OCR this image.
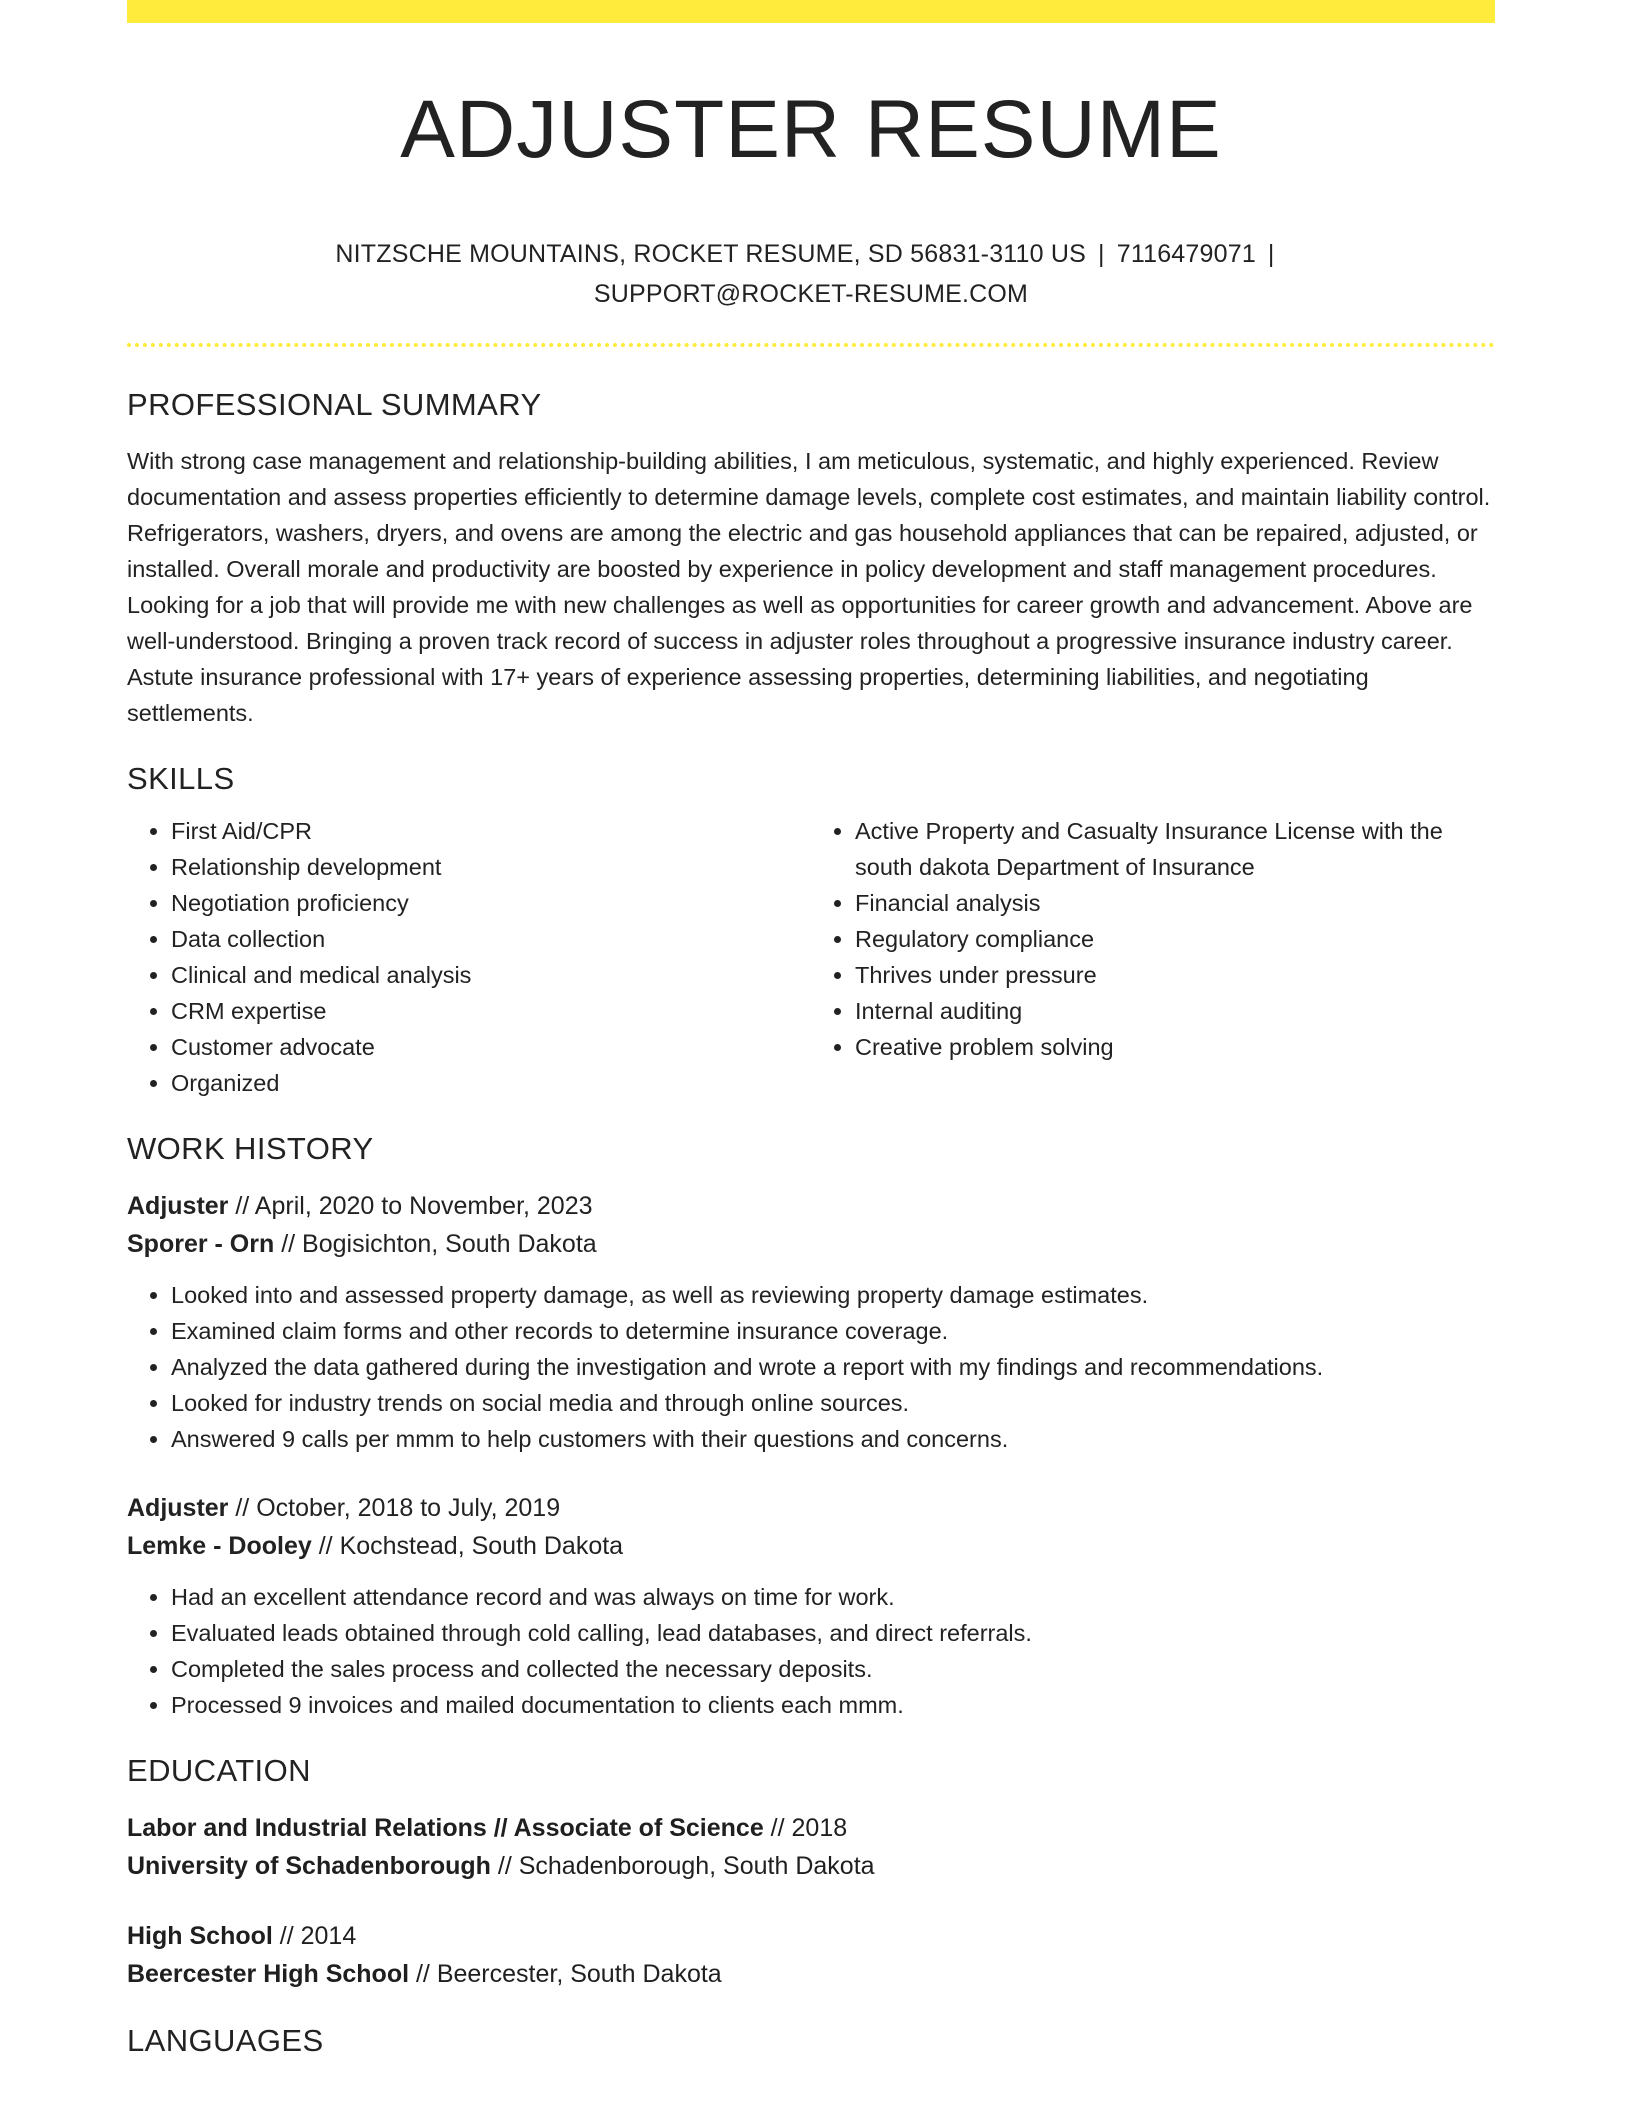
ADJUSTER RESUME
NITZSCHE MOUNTAINS, ROCKET RESUME, SD 56831-3110 US | 7116479071 |
SUPPORT@ROCKET-RESUME.COM
PROFESSIONAL SUMMARY

With strong case management and relationship-building abilities, I am meticulous, systematic, and highly experienced. Review documentation and assess properties efficiently to determine damage levels, complete cost estimates, and maintain liability control. Refrigerators, washers, dryers, and ovens are among the electric and gas household appliances that can be repaired, adjusted, or installed. Overall morale and productivity are boosted by experience in policy development and staff management procedures. Looking for a job that will provide me with new challenges as well as opportunities for career growth and advancement. Above are well-understood. Bringing a proven track record of success in adjuster roles throughout a progressive insurance industry career. Astute insurance professional with 17+ years of experience assessing properties, determining liabilities, and negotiating settlements.

SKILLS
• First Aid/CPR
• Relationship development
• Negotiation proficiency
• Data collection
• Clinical and medical analysis
• CRM expertise
• Customer advocate
• Organized
• Active Property and Casualty Insurance License with the south dakota Department of Insurance
• Financial analysis
• Regulatory compliance
• Thrives under pressure
• Internal auditing
• Creative problem solving
WORK HISTORY
Adjuster // April, 2020 to November, 2023
Sporer - Orn // Bogisichton, South Dakota
• Looked into and assessed property damage, as well as reviewing property damage estimates.
• Examined claim forms and other records to determine insurance coverage.
• Analyzed the data gathered during the investigation and wrote a report with my findings and recommendations.
• Looked for industry trends on social media and through online sources.
• Answered 9 calls per mmm to help customers with their questions and concerns.
Adjuster // October, 2018 to July, 2019
Lemke - Dooley // Kochstead, South Dakota
• Had an excellent attendance record and was always on time for work.
• Evaluated leads obtained through cold calling, lead databases, and direct referrals.
• Completed the sales process and collected the necessary deposits.
• Processed 9 invoices and mailed documentation to clients each mmm.
EDUCATION
Labor and Industrial Relations // Associate of Science // 2018
University of Schadenborough // Schadenborough, South Dakota
High School // 2014
Beercester High School // Beercester, South Dakota
LANGUAGES
